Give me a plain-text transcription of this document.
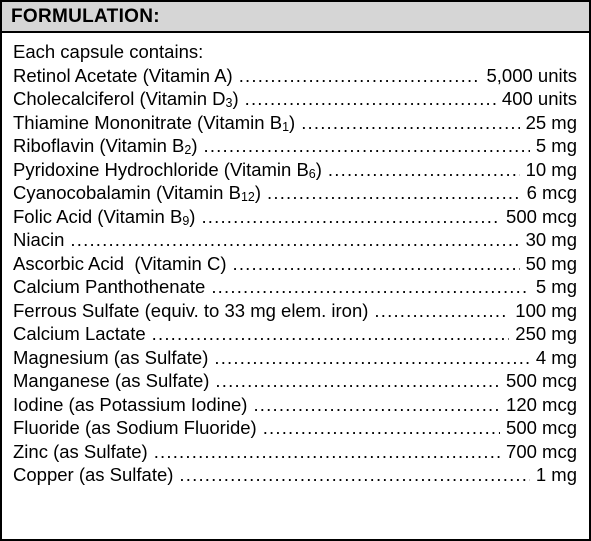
FORMULATION:
Each capsule contains:
Retinol Acetate (Vitamin A) .....	5,000 units
Cholecalciferol (Vitamin $D_3$) .....	400 units
Thiamine Mononitrate (Vitamin $B_1$) .....	25 mg
Riboflavin (Vitamin $B_2$) .....	5 mg
Pyridoxine Hydrochloride (Vitamin $B_6$) .....	10 mg
Cyanocobalamin (Vitamin $B_{12}$) .....	6 mcg
Folic Acid (Vitamin $B_9$) .....	500 mcg
Niacin .....	30 mg
Ascorbic Acid  (Vitamin C) .....	50 mg
Calcium Panthothenate .....	5 mg
Ferrous Sulfate (equiv. to 33 mg elem. iron) .....	100 mg
Calcium Lactate .....	250 mg
Magnesium (as Sulfate) .....	4 mg
Manganese (as Sulfate) .....	500 mcg
Iodine (as Potassium Iodine) .....	120 mcg
Fluoride (as Sodium Fluoride) .....	500 mcg
Zinc (as Sulfate) .....	700 mcg
Copper (as Sulfate) .....	1 mg
